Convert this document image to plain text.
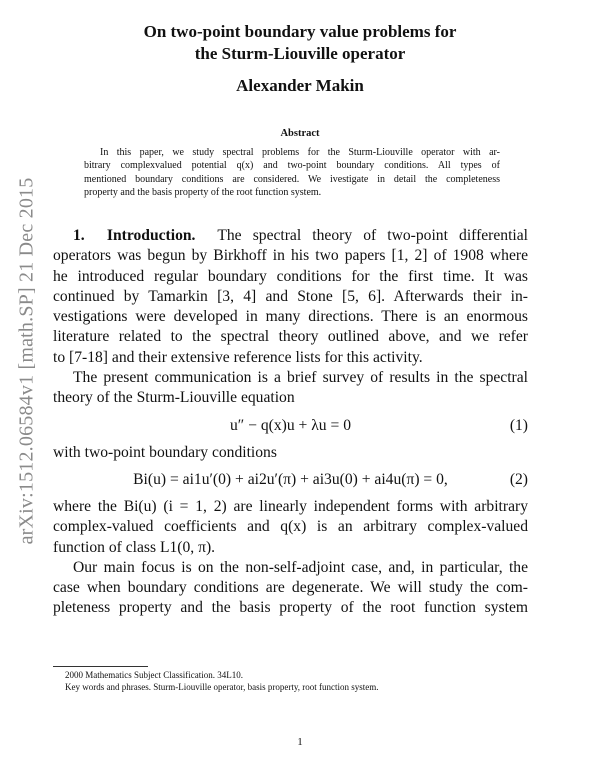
arXiv:1512.06584v1 [math.SP] 21 Dec 2015
On two-point boundary value problems for
the Sturm-Liouville operator
Alexander Makin
Abstract
In this paper, we study spectral problems for the Sturm-Liouville operator with ar-
bitrary complexvalued potential q(x) and two-point boundary conditions. All types of
mentioned boundary conditions are considered. We ivestigate in detail the completeness
property and the basis property of the root function system.
1. Introduction. The spectral theory of two-point differential
operators was begun by Birkhoff in his two papers [1, 2] of 1908 where
he introduced regular boundary conditions for the first time. It was
continued by Tamarkin [3, 4] and Stone [5, 6]. Afterwards their in-
vestigations were developed in many directions. There is an enormous
literature related to the spectral theory outlined above, and we refer
to [7-18] and their extensive reference lists for this activity.
The present communication is a brief survey of results in the spectral
theory of the Sturm-Liouville equation
u″ − q(x)u + λu = 0	(1)
with two-point boundary conditions
Bi(u) = ai1u′(0) + ai2u′(π) + ai3u(0) + ai4u(π) = 0,	(2)
where the Bi(u) (i = 1, 2) are linearly independent forms with arbitrary
complex-valued coefficients and q(x) is an arbitrary complex-valued
function of class L1(0, π).
Our main focus is on the non-self-adjoint case, and, in particular, the
case when boundary conditions are degenerate. We will study the com-
pleteness property and the basis property of the root function system
2000 Mathematics Subject Classification. 34L10.
Key words and phrases. Sturm-Liouville operator, basis property, root function system.
1
